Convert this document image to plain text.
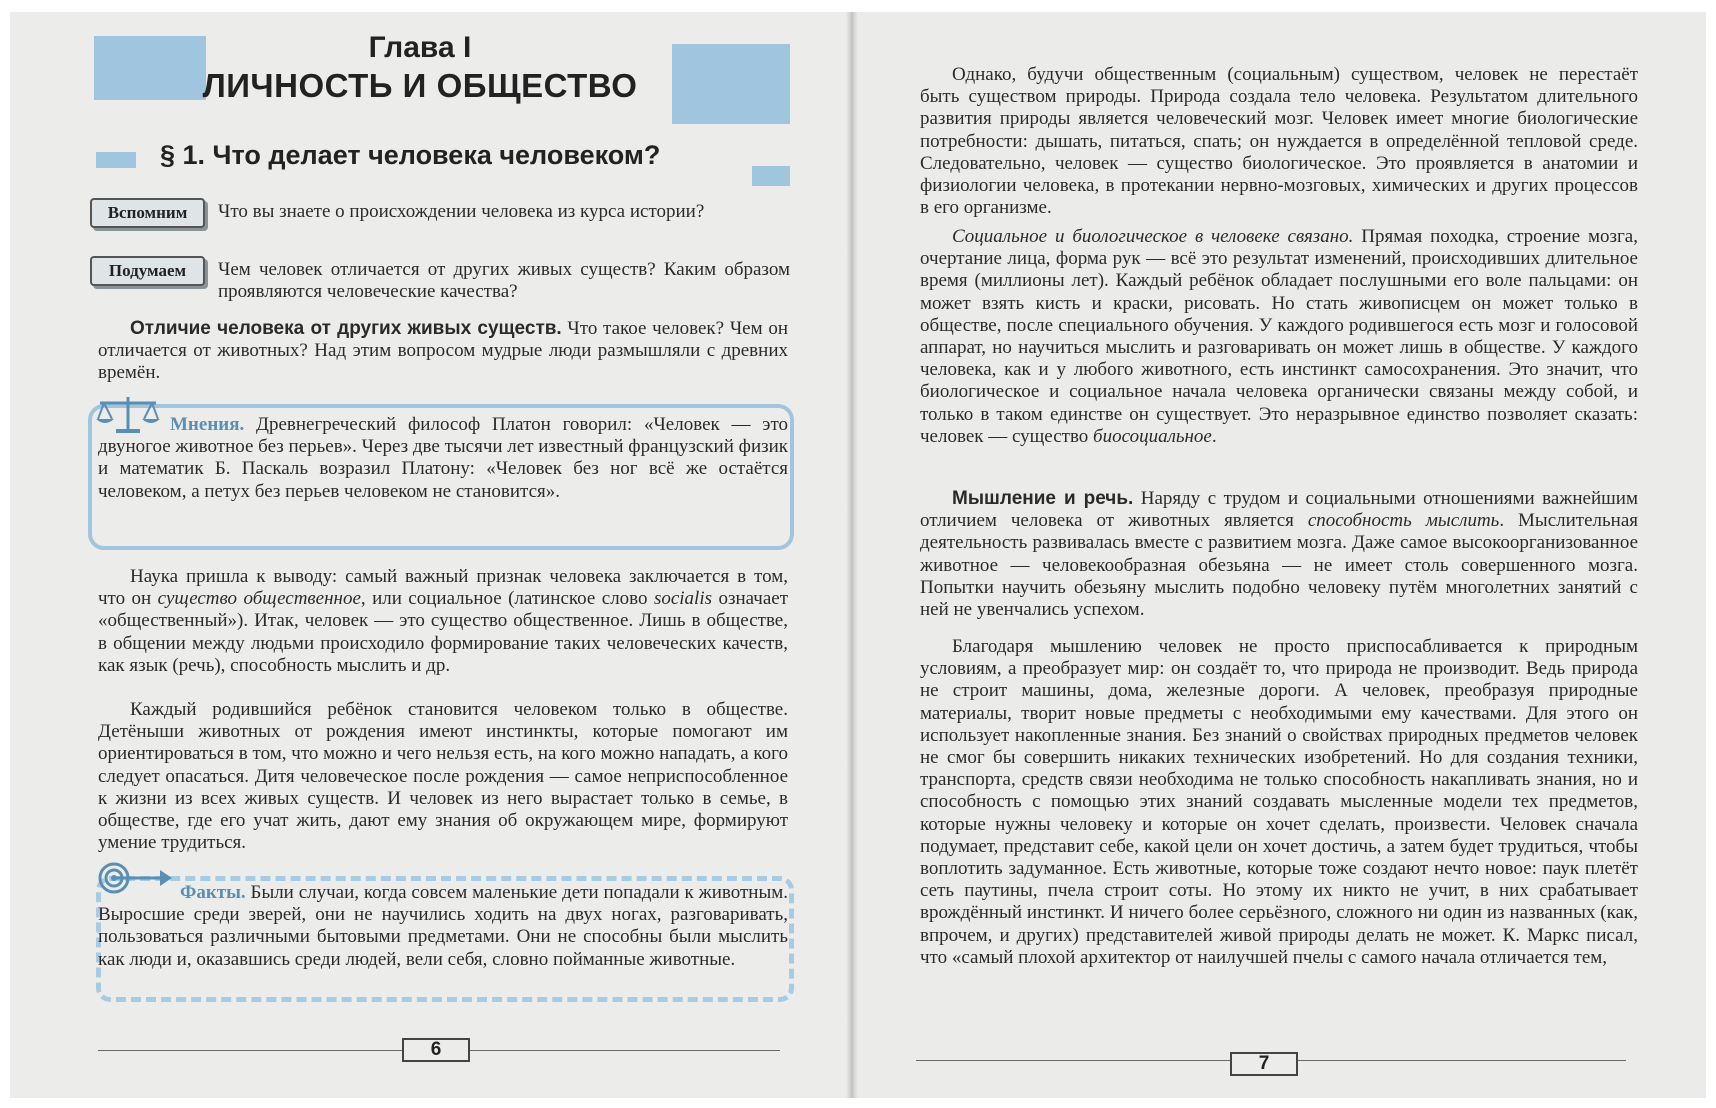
Глава I
ЛИЧНОСТЬ И ОБЩЕСТВО
§ 1. Что делает человека человеком?
Вспомним	Что вы знаете о происхождении человека из курса истории?
Подумаем	Чем человек отличается от других живых существ? Каким образом проявляются человеческие качества?
Отличие человека от других живых существ. Что такое человек? Чем он отличается от животных? Над этим вопросом мудрые люди размышляли с древних времён.
Мнения. Древнегреческий философ Платон говорил: «Человек — это двуногое животное без перьев». Через две тысячи лет известный французский физик и математик Б. Паскаль возразил Платону: «Человек без ног всё же остаётся человеком, а петух без перьев человеком не становится».
Наука пришла к выводу: самый важный признак человека заключается в том, что он существо общественное, или социальное (латинское слово socialis означает «общественный»). Итак, человек — это существо общественное. Лишь в обществе, в общении между людьми происходило формирование таких человеческих качеств, как язык (речь), способность мыслить и др.
Каждый родившийся ребёнок становится человеком только в обществе. Детёныши животных от рождения имеют инстинкты, которые помогают им ориентироваться в том, что можно и чего нельзя есть, на кого можно нападать, а кого следует опасаться. Дитя человеческое после рождения — самое неприспособленное к жизни из всех живых существ. И человек из него вырастает только в семье, в обществе, где его учат жить, дают ему знания об окружающем мире, формируют умение трудиться.
Факты. Были случаи, когда совсем маленькие дети попадали к животным. Выросшие среди зверей, они не научились ходить на двух ногах, разговаривать, пользоваться различными бытовыми предметами. Они не способны были мыслить как люди и, оказавшись среди людей, вели себя, словно пойманные животные.
6
Однако, будучи общественным (социальным) существом, человек не перестаёт быть существом природы. Природа создала тело человека. Результатом длительного развития природы является человеческий мозг. Человек имеет многие биологические потребности: дышать, питаться, спать; он нуждается в определённой тепловой среде. Следовательно, человек — существо биологическое. Это проявляется в анатомии и физиологии человека, в протекании нервно-мозговых, химических и других процессов в его организме.
Социальное и биологическое в человеке связано. Прямая походка, строение мозга, очертание лица, форма рук — всё это результат изменений, происходивших длительное время (миллионы лет). Каждый ребёнок обладает послушными его воле пальцами: он может взять кисть и краски, рисовать. Но стать живописцем он может только в обществе, после специального обучения. У каждого родившегося есть мозг и голосовой аппарат, но научиться мыслить и разговаривать он может лишь в обществе. У каждого человека, как и у любого животного, есть инстинкт самосохранения. Это значит, что биологическое и социальное начала человека органически связаны между собой, и только в таком единстве он существует. Это неразрывное единство позволяет сказать: человек — существо биосоциальное.
Мышление и речь. Наряду с трудом и социальными отношениями важнейшим отличием человека от животных является способность мыслить. Мыслительная деятельность развивалась вместе с развитием мозга. Даже самое высокоорганизованное животное — человекообразная обезьяна — не имеет столь совершенного мозга. Попытки научить обезьяну мыслить подобно человеку путём многолетних занятий с ней не увенчались успехом.
Благодаря мышлению человек не просто приспосабливается к природным условиям, а преобразует мир: он создаёт то, что природа не производит. Ведь природа не строит машины, дома, железные дороги. А человек, преобразуя природные материалы, творит новые предметы с необходимыми ему качествами. Для этого он использует накопленные знания. Без знаний о свойствах природных предметов человек не смог бы совершить никаких технических изобретений. Но для создания техники, транспорта, средств связи необходима не только способность накапливать знания, но и способность с помощью этих знаний создавать мысленные модели тех предметов, которые нужны человеку и которые он хочет сделать, произвести. Человек сначала подумает, представит себе, какой цели он хочет достичь, а затем будет трудиться, чтобы воплотить задуманное. Есть животные, которые тоже создают нечто новое: паук плетёт сеть паутины, пчела строит соты. Но этому их никто не учит, в них срабатывает врождённый инстинкт. И ничего более серьёзного, сложного ни один из названных (как, впрочем, и других) представителей живой природы делать не может. К. Маркс писал, что «самый плохой архитектор от наилучшей пчелы с самого начала отличается тем,
7
